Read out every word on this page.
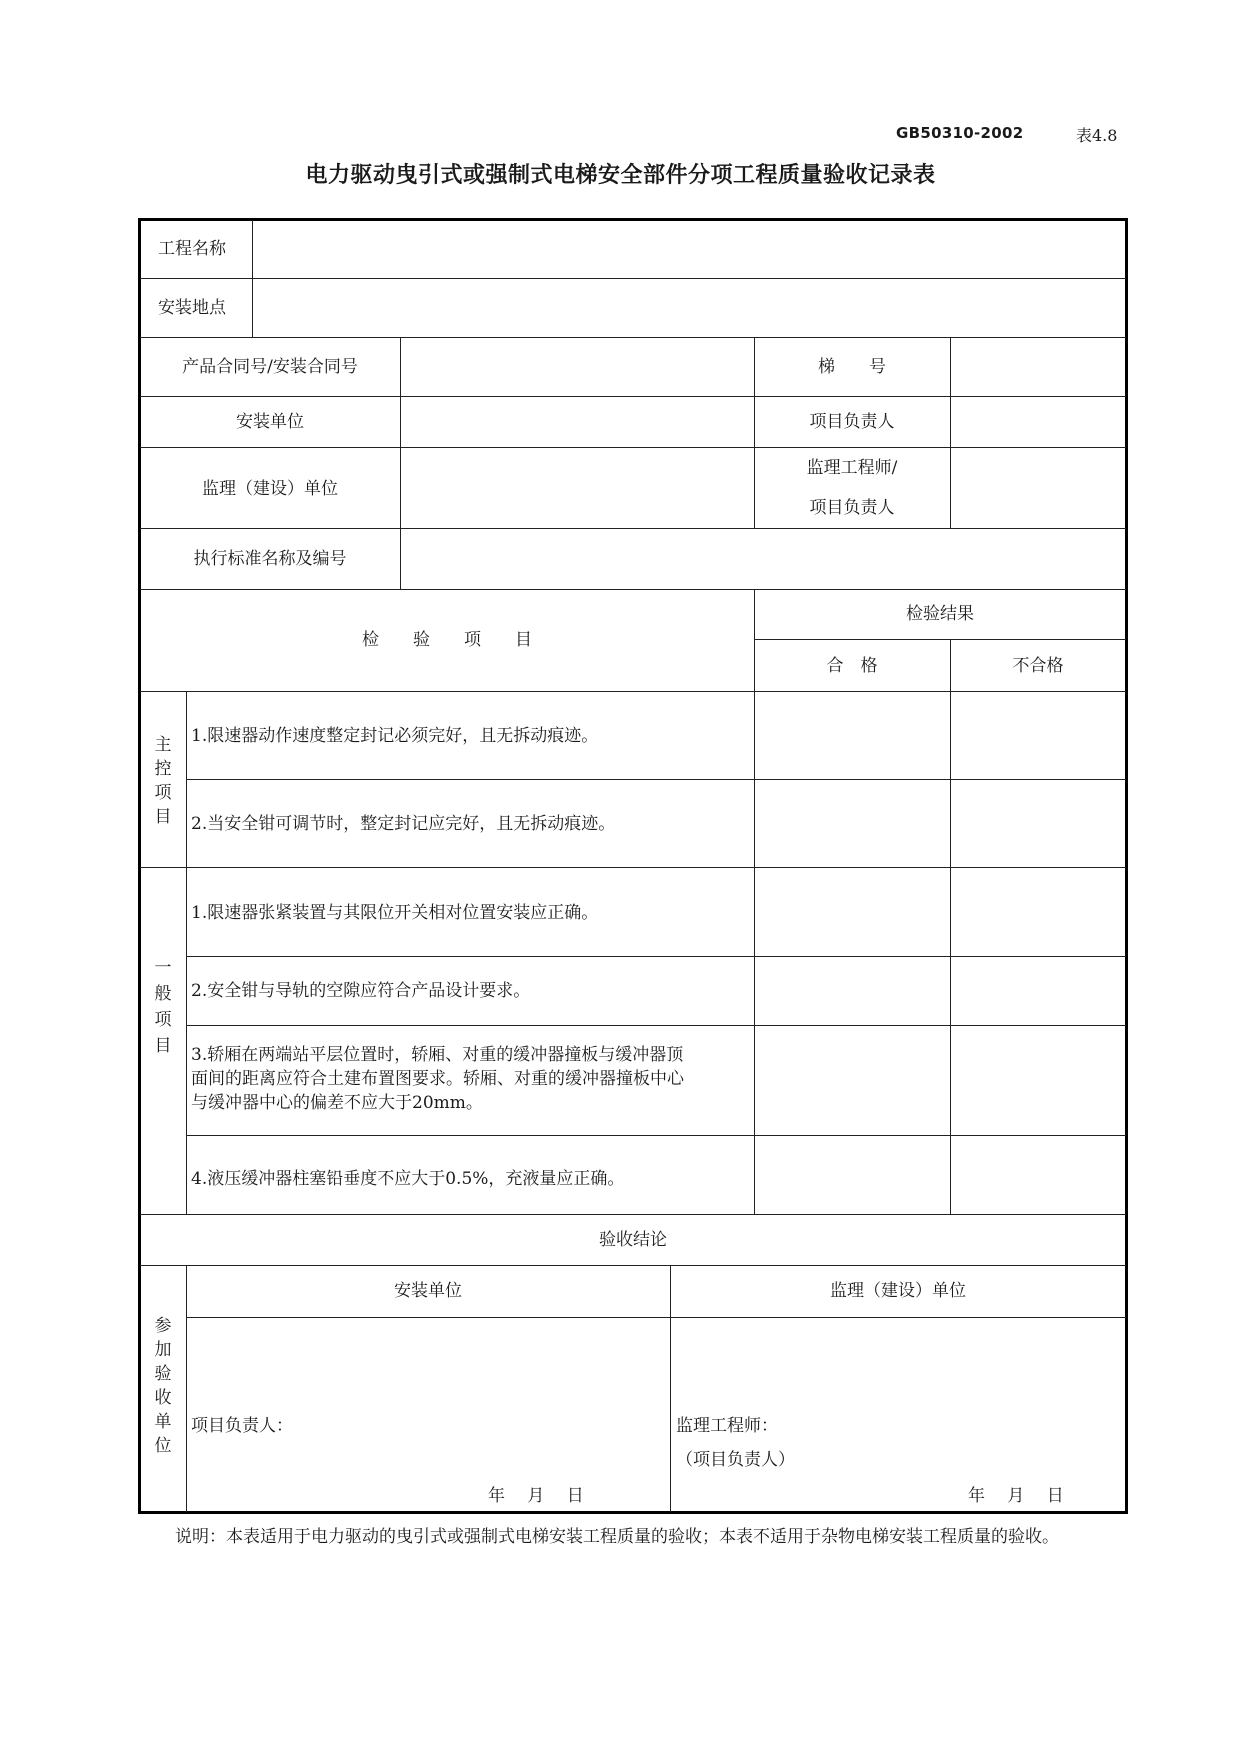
GB50310-2002	表4.8
电力驱动曳引式或强制式电梯安全部件分项工程质量验收记录表
工程名称
安装地点
产品合同号/安装合同号	梯　　号
安装单位	项目负责人
监理（建设）单位
监理工程师/
项目负责人
执行标准名称及编号
检　　验　　项　　目
检验结果
合　格	不合格
主控项目
1.限速器动作速度整定封记必须完好，且无拆动痕迹。
2.当安全钳可调节时，整定封记应完好，且无拆动痕迹。
一般项目
1.限速器张紧装置与其限位开关相对位置安装应正确。
2.安全钳与导轨的空隙应符合产品设计要求。
3.轿厢在两端站平层位置时，轿厢、对重的缓冲器撞板与缓冲器顶
面间的距离应符合土建布置图要求。轿厢、对重的缓冲器撞板中心
与缓冲器中心的偏差不应大于20mm。
4.液压缓冲器柱塞铅垂度不应大于0.5%，充液量应正确。
验收结论
参加验收单位
安装单位	监理（建设）单位
项目负责人：	监理工程师：
（项目负责人）
年　 月　 日	年　 月　 日
说明：本表适用于电力驱动的曳引式或强制式电梯安装工程质量的验收；本表不适用于杂物电梯安装工程质量的验收。
